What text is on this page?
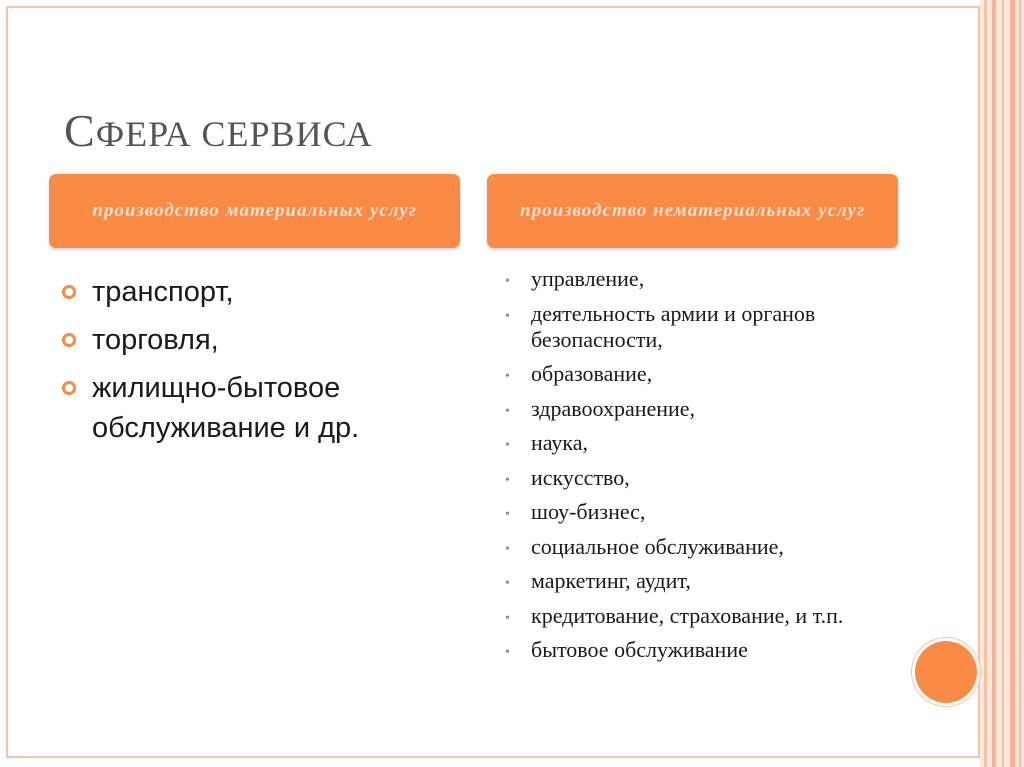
СФЕРА СЕРВИСА
производство материальных услуг	производство нематериальных услуг
транспорт,
торговля,
жилищно-бытовое обслуживание и др.
• управление,
• деятельность армии и органов безопасности,
• образование,
• здравоохранение,
• наука,
• искусство,
• шоу-бизнес,
• социальное обслуживание,
• маркетинг, аудит,
• кредитование, страхование, и т.п.
• бытовое обслуживание
